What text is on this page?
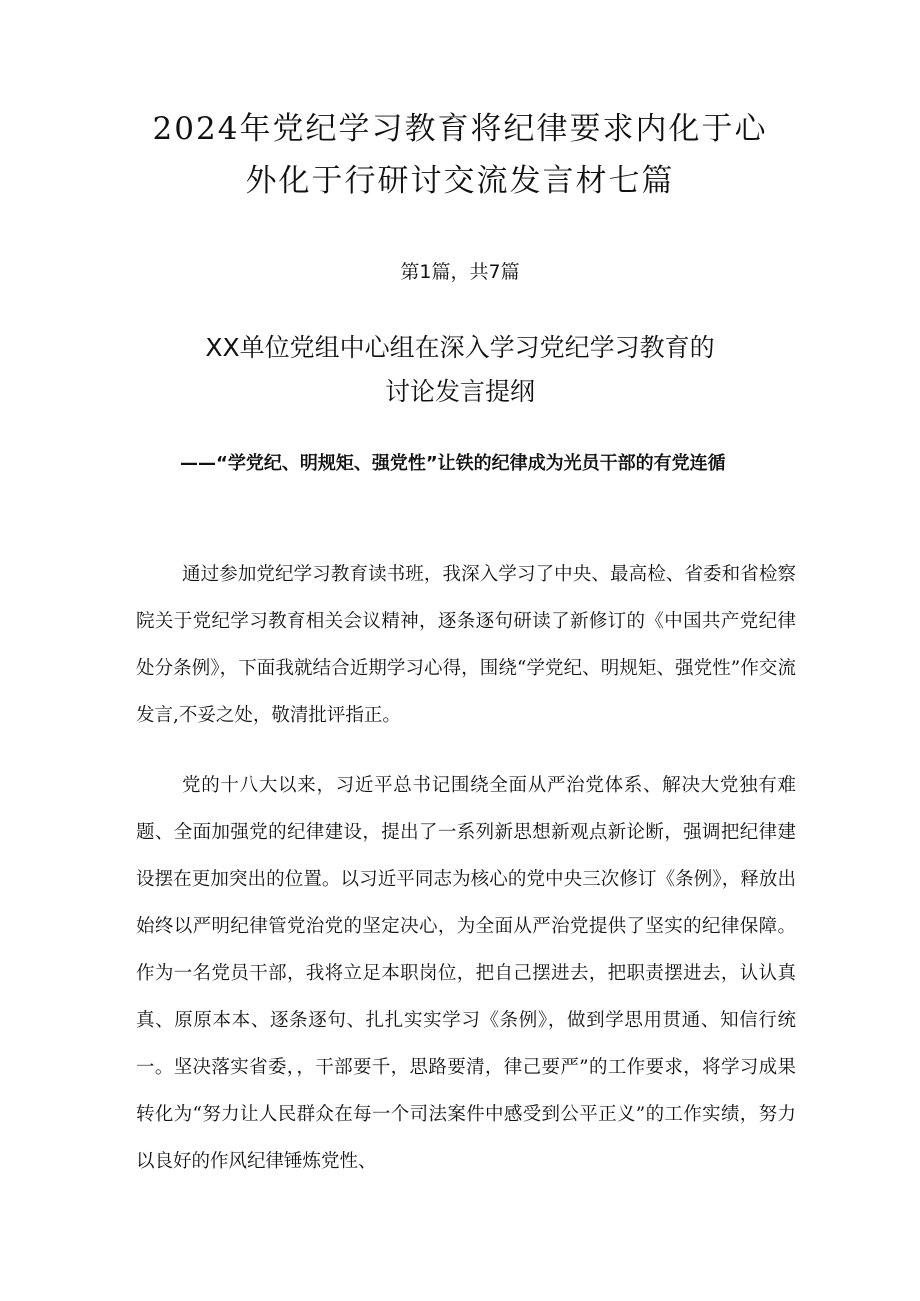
2024年党纪学习教育将纪律要求内化于心
外化于行研讨交流发言材七篇
第1篇，共7篇
XX单位党组中心组在深入学习党纪学习教育的
讨论发言提纲
——“学党纪、明规矩、强党性”让铁的纪律成为光员干部的有党连循

通过参加党纪学习教育读书班，我深入学习了中央、最高检、省委和省检察院关于党纪学习教育相关会议精神，逐条逐句研读了新修订的《中国共产党纪律处分条例》，下面我就结合近期学习心得，围绕“学党纪、明规矩、强党性”作交流发言,不妥之处，敬清批评指正。

党的十八大以来，习近平总书记围绕全面从严治党体系、解决大党独有难题、全面加强党的纪律建设，提出了一系列新思想新观点新论断，强调把纪律建设摆在更加突出的位置。以习近平同志为核心的党中央三次修订《条例》，释放出始终以严明纪律管党治党的坚定决心，为全面从严治党提供了坚实的纪律保障。作为一名党员干部，我将立足本职岗位，把自己摆进去，把职责摆进去，认认真真、原原本本、逐条逐句、扎扎实实学习《条例》，做到学思用贯通、知信行统一。坚决落实省委，，干部要千，思路要清，律己要严”的工作要求，将学习成果转化为“努力让人民群众在每一个司法案件中感受到公平正义”的工作实绩，努力以良好的作风纪律锤炼党性、
